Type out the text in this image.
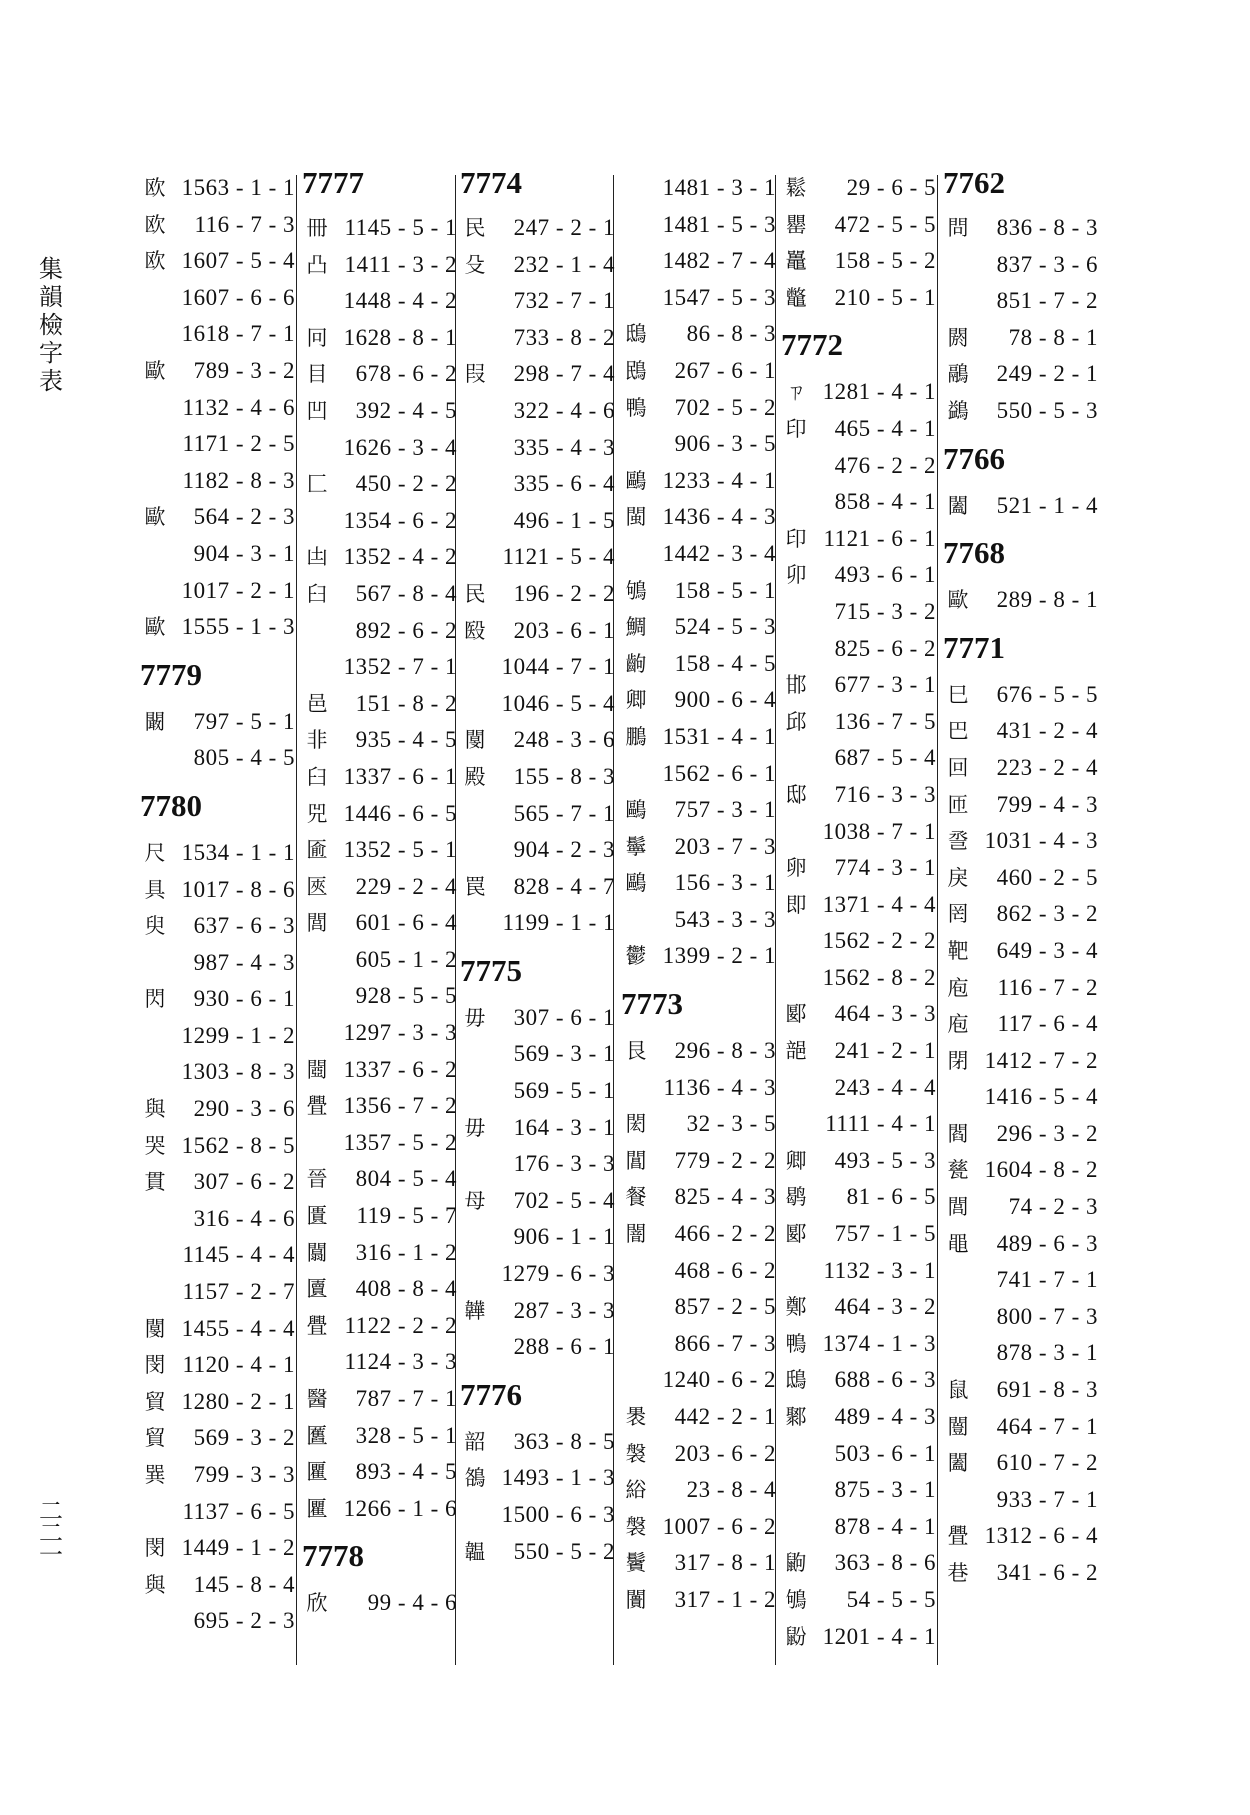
集
韻
檢
字
表
二
二
一
欧 1563 - 1 - 1
欧 116 - 7 - 3
欧 1607 - 5 - 4
1607 - 6 - 6
1618 - 7 - 1
歐 789 - 3 - 2
1132 - 4 - 6
1171 - 2 - 5
1182 - 8 - 3
歐 564 - 2 - 3
904 - 3 - 1
1017 - 2 - 1
歐 1555 - 1 - 3
7779
闞 797 - 5 - 1
805 - 4 - 5
7780
尺 1534 - 1 - 1
具 1017 - 8 - 6
臾 637 - 6 - 3
987 - 4 - 3
閃 930 - 6 - 1
1299 - 1 - 2
1303 - 8 - 3
與 290 - 3 - 6
哭 1562 - 8 - 5
貫 307 - 6 - 2
316 - 4 - 6
1145 - 4 - 4
1157 - 2 - 7
閺 1455 - 4 - 4
閔 1120 - 4 - 1
貿 1280 - 2 - 1
貿 569 - 3 - 2
巽 799 - 3 - 3
1137 - 6 - 5
閔 1449 - 1 - 2
與 145 - 8 - 4
695 - 2 - 3
7777
冊 1145 - 5 - 1
凸 1411 - 3 - 2
1448 - 4 - 2
冋 1628 - 8 - 1
目 678 - 6 - 2
凹 392 - 4 - 5
1626 - 3 - 4
匚 450 - 2 - 2
1354 - 6 - 2
凷 1352 - 4 - 2
臼 567 - 8 - 4
892 - 6 - 2
1352 - 7 - 1
邑 151 - 8 - 2
非 935 - 4 - 5
臼 1337 - 6 - 1
兕 1446 - 6 - 5
匬 1352 - 5 - 1
匧 229 - 2 - 4
閭 601 - 6 - 4
605 - 1 - 2
928 - 5 - 5
1297 - 3 - 3
閸 1337 - 6 - 2
舋 1356 - 7 - 2
1357 - 5 - 2
晉 804 - 5 - 4
匱 119 - 5 - 7
闒 316 - 1 - 2
匵 408 - 8 - 4
舋 1122 - 2 - 2
1124 - 3 - 3
醫 787 - 7 - 1
匶 328 - 5 - 1
匷 893 - 4 - 5
匷 1266 - 1 - 6
7778
欣 99 - 4 - 6
7774
民 247 - 2 - 1
殳 232 - 1 - 4
732 - 7 - 1
733 - 8 - 2
叚 298 - 7 - 4
322 - 4 - 6
335 - 4 - 3
335 - 6 - 4
496 - 1 - 5
1121 - 5 - 4
民 196 - 2 - 2
殹 203 - 6 - 1
1044 - 7 - 1
1046 - 5 - 4
閺 248 - 3 - 6
殿 155 - 8 - 3
565 - 7 - 1
904 - 2 - 3
罠 828 - 4 - 7
1199 - 1 - 1
7775
毋 307 - 6 - 1
569 - 3 - 1
569 - 5 - 1
毋 164 - 3 - 1
176 - 3 - 3
母 702 - 5 - 4
906 - 1 - 1
1279 - 6 - 3
韡 287 - 3 - 3
288 - 6 - 1
7776
韶 363 - 8 - 5
鵅 1493 - 1 - 3
1500 - 6 - 3
韞 550 - 5 - 2
1481 - 3 - 1
1481 - 5 - 3
1482 - 7 - 4
1547 - 5 - 3
鴟 86 - 8 - 3
鴖 267 - 6 - 1
鴨 702 - 5 - 2
906 - 3 - 5
鷗 1233 - 4 - 1
閩 1436 - 4 - 3
1442 - 3 - 4
鴝 158 - 5 - 1
鯛 524 - 5 - 3
齣 158 - 4 - 5
卿 900 - 6 - 4
鵬 1531 - 4 - 1
1562 - 6 - 1
鷗 757 - 3 - 1
鬡 203 - 7 - 3
鷗 156 - 3 - 1
543 - 3 - 3
鬱 1399 - 2 - 1
7773
艮 296 - 8 - 3
1136 - 4 - 3
閎 32 - 3 - 5
閶 779 - 2 - 2
餐 825 - 4 - 3
闇 466 - 2 - 2
468 - 6 - 2
857 - 2 - 5
866 - 7 - 3
1240 - 6 - 2
褁 442 - 2 - 1
褩 203 - 6 - 2
綌 23 - 8 - 4
褩 1007 - 6 - 2
鬢 317 - 8 - 1
闠 317 - 1 - 2
鬆 29 - 6 - 5
罌 472 - 5 - 5
鼉 158 - 5 - 2
鼈 210 - 5 - 1
7772
ㄗ 1281 - 4 - 1
印 465 - 4 - 1
476 - 2 - 2
858 - 4 - 1
印 1121 - 6 - 1
卯 493 - 6 - 1
715 - 3 - 2
825 - 6 - 2
邯 677 - 3 - 1
邱 136 - 7 - 5
687 - 5 - 4
邸 716 - 3 - 3
1038 - 7 - 1
卵 774 - 3 - 1
即 1371 - 4 - 4
1562 - 2 - 2
1562 - 8 - 2
郾 464 - 3 - 3
郶 241 - 2 - 1
243 - 4 - 4
1111 - 4 - 1
卿 493 - 5 - 3
鹖 81 - 6 - 5
郾 757 - 1 - 5
1132 - 3 - 1
鄭 464 - 3 - 2
鴨 1374 - 1 - 3
鴟 688 - 6 - 3
鄹 489 - 4 - 3
503 - 6 - 1
875 - 3 - 1
878 - 4 - 1
鼩 363 - 8 - 6
鴝 54 - 5 - 5
鼢 1201 - 4 - 1
7762
問 836 - 8 - 3
837 - 3 - 6
851 - 7 - 2
閼 78 - 8 - 1
鷊 249 - 2 - 1
鷁 550 - 5 - 3
7766
闔 521 - 1 - 4
7768
歐 289 - 8 - 1
7771
巳 676 - 5 - 5
巴 431 - 2 - 4
回 223 - 2 - 4
匝 799 - 4 - 3
巹 1031 - 4 - 3
戾 460 - 2 - 5
罔 862 - 3 - 2
靶 649 - 3 - 4
庖 116 - 7 - 2
庖 117 - 6 - 4
閉 1412 - 7 - 2
1416 - 5 - 4
閻 296 - 3 - 2
甆 1604 - 8 - 2
閭 74 - 2 - 3
黽 489 - 6 - 3
741 - 7 - 1
800 - 7 - 3
878 - 3 - 1
鼠 691 - 8 - 3
闓 464 - 7 - 1
闔 610 - 7 - 2
933 - 7 - 1
舋 1312 - 6 - 4
巷 341 - 6 - 2
